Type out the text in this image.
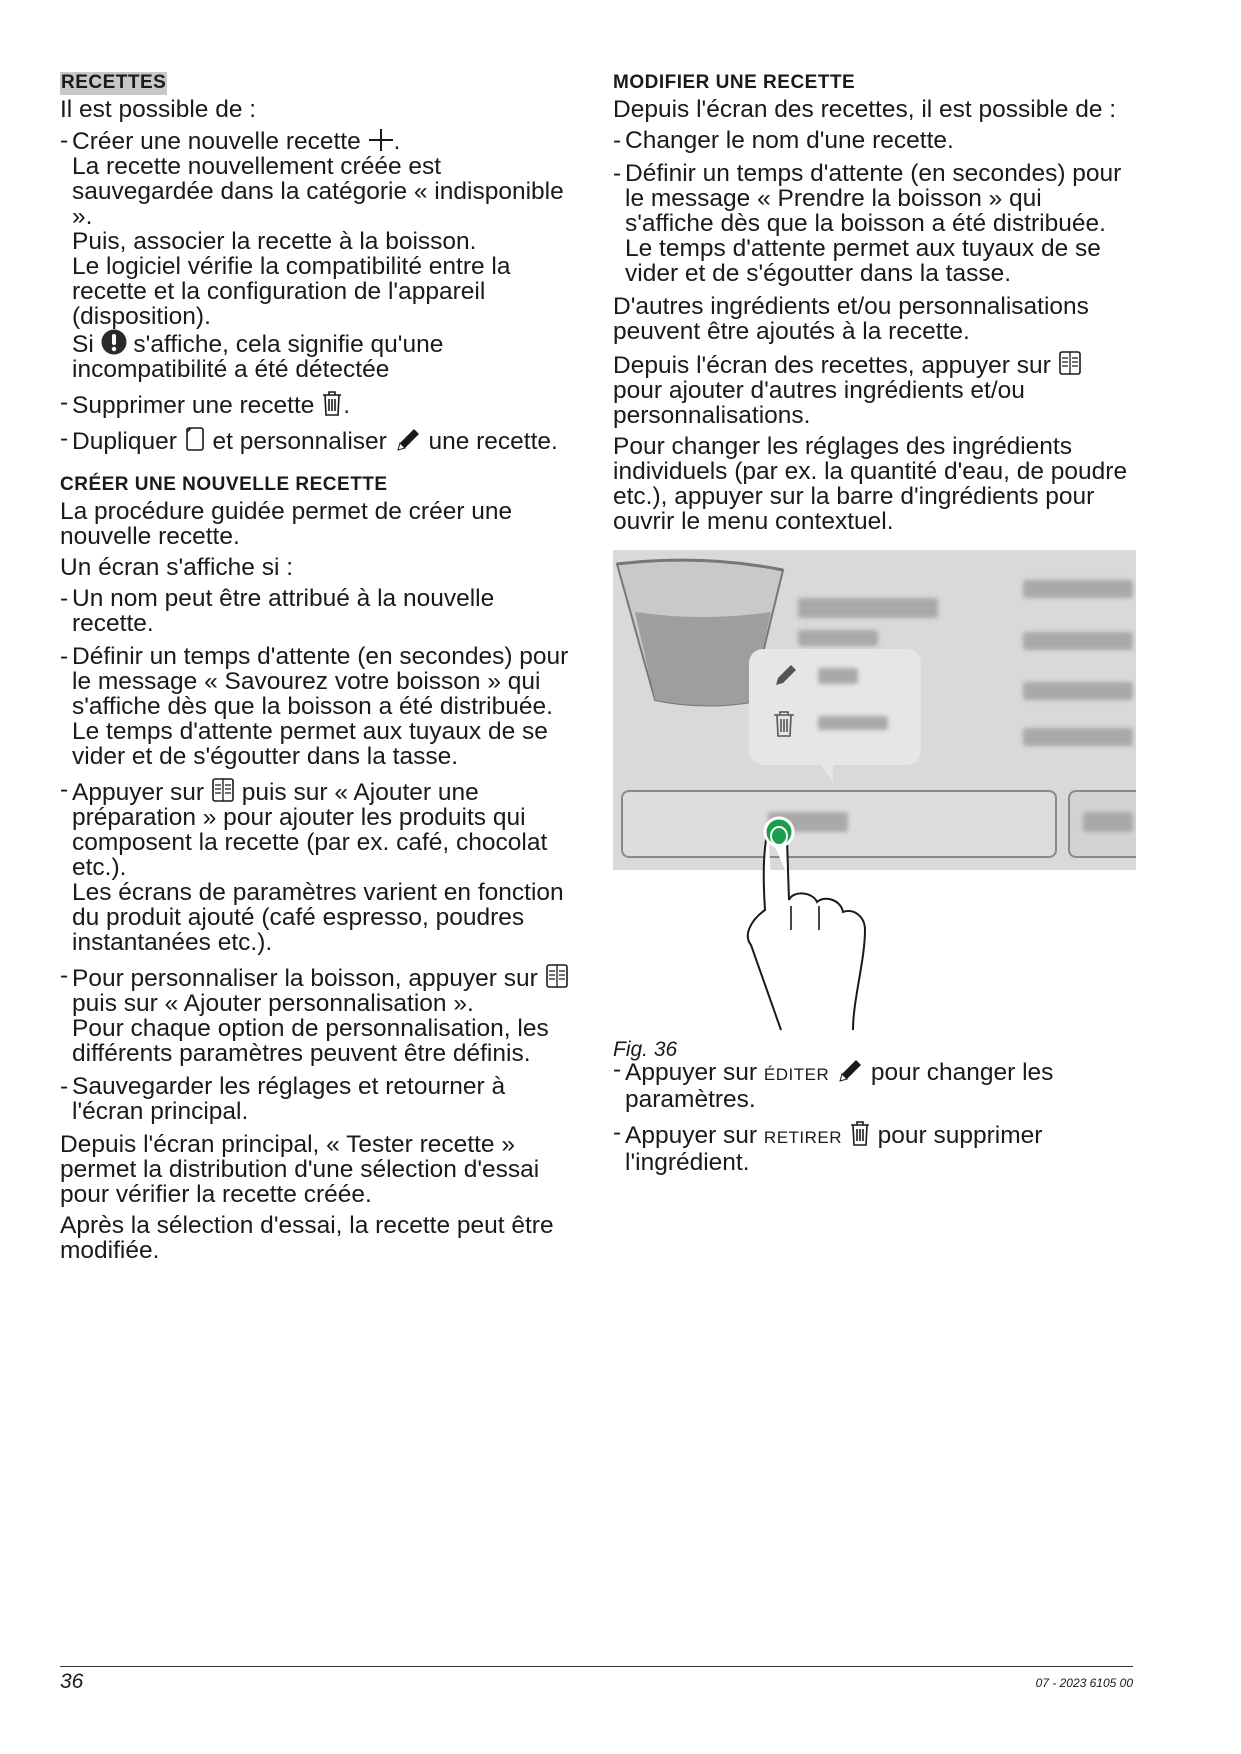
RECETTES

Il est possible de :

- Créer une nouvelle recette .
La recette nouvellement créée est sauvegardée dans la catégorie « indisponible ».
Puis, associer la recette à la boisson.
Le logiciel vérifie la compatibilité entre la recette et la configuration de l'appareil (disposition).
Si s'affiche, cela signifie qu'une incompatibilité a été détectée
- Supprimer une recette .
- Dupliquer et personnaliser une recette.
CRÉER UNE NOUVELLE RECETTE

La procédure guidée permet de créer une nouvelle recette.

Un écran s'affiche si :

- Un nom peut être attribué à la nouvelle recette.
- Définir un temps d'attente (en secondes) pour le message « Savourez votre boisson » qui s'affiche dès que la boisson a été distribuée.
Le temps d'attente permet aux tuyaux de se vider et de s'égoutter dans la tasse.
- Appuyer sur puis sur « Ajouter une préparation » pour ajouter les produits qui composent la recette (par ex. café, chocolat etc.).
Les écrans de paramètres varient en fonction du produit ajouté (café espresso, poudres instantanées etc.).
- Pour personnaliser la boisson, appuyer sur
puis sur « Ajouter personnalisation ».
Pour chaque option de personnalisation, les différents paramètres peuvent être définis.
- Sauvegarder les réglages et retourner à l'écran principal.

Depuis l'écran principal, « Tester recette » permet la distribution d'une sélection d'essai pour vérifier la recette créée.

Après la sélection d'essai, la recette peut être modifiée.

MODIFIER UNE RECETTE

Depuis l'écran des recettes, il est possible de :

- Changer le nom d'une recette.
- Définir un temps d'attente (en secondes) pour le message « Prendre la boisson » qui s'affiche dès que la boisson a été distribuée.
Le temps d'attente permet aux tuyaux de se vider et de s'égoutter dans la tasse.

D'autres ingrédients et/ou personnalisations peuvent être ajoutés à la recette.

Depuis l'écran des recettes, appuyer sur
pour ajouter d'autres ingrédients et/ou personnalisations.

Pour changer les réglages des ingrédients individuels (par ex. la quantité d'eau, de poudre etc.), appuyer sur la barre d'ingrédients pour ouvrir le menu contextuel.

Fig. 36
- Appuyer sur ÉDITER pour changer les paramètres.
- Appuyer sur RETIRER pour supprimer l'ingrédient.
36	07 - 2023 6105 00
